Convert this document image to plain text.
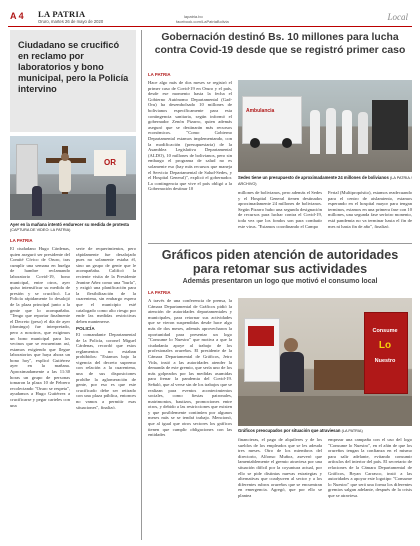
A 4 LA PATRIA
Oruro, martes 26 de mayo de 2020
lapatria.bo
facebook.com/LaPatriaBolivia	Local
Ciudadano se crucificó en reclamo por laboratorios y bono municipal, pero la Policía intervino
OR
Ayer en la mañana intentó endurecer su medida de protesta (CAPTURA DE VIDEO: LA PATRIA)
LA PATRIA
El ciudadano Hugo Cárdenas, quien aseguró ser presidente del Comité Cívico de Oruro, tras cumplir una semana en huelga de hambre reclamando laboratorio Covid-19, bono municipal, entre otros, ayer quiso intensificar su medida de presión y se crucificó. La Policía rápidamente lo desalojó de la plaza principal junto a la gente que lo acompañaba. "Tengo que reportar finalmente el Decreto (peso) el día de ayer (domingo) fue interpretado, pero a nosotros, que exigimos un bono municipal para los vecinos que se encuentran así, estamos exigiendo que llegue laboratorios que haya ahora un bono hoy", explicó Gutiérrez ayer en la mañana. Aproximadamente a las 11:30 horas un grupo de personas tomaron la plaza 10 de Febrero recolectando "Oruro se respeta", ayudamos a Hugo Gutiérrez a crucificarse y pegar carteles con una

serie de requerimientos, pero rápidamente fue desalojado pues no solamente estaba él, sino un grupo de gente que le acompañaba. Calificó la reciente visita de la Presidente Jeanine Añez como una "burla", y exigió una planificación para la flexibilización de la cuarentena, sin embargo espera que el municipio esté catalogado como alto riesgo por ende las medidas restrictivas deben mantenerse.

POLICÍA

El comandante Departamental de la Policía, coronel Miguel Cárdenas, recordó que estos reglamentos no estaban prohibidos: "Estamos bajo la vigencia del decreto supremo con relación a la cuarentena, una de sus disposiciones prohíbe la aglomeración de gente, por eso es que este crucificado debe ser retirado con una plaza pública, entonces no vamos a permitir esas situaciones", finalizó.

Gobernación destinó Bs. 10 millones para lucha contra Covid-19 desde que se registró primer caso
LA PATRIA
Hace algo más de dos meses se registró el primer caso de Covid-19 en Oruro y el país, desde ese momento hasta la fecha el Gobierno Autónomo Departamental (Gad-Oru) ha desembolsado 10 millones de bolivianos específicamente para esta contingencia sanitaria, según informó el gobernador Zenón Pizarro, quien además aseguró que se destinarán más recursos económicos. "Como Gobierno Departamental estamos implementando, con la modificación (presupuestaria) de la Asamblea Legislativa Departamental (ALDO), 10 millones de bolivianos, pero sin embargo el programa de salud no es solamente eso (hay más recursos que maneja el Servicio Departamental de Salud-Sedes, y el Hospital General)", explicó el gobernador. La contingencia que vive el país obligó a la Gobernación destinar 10
Ambulancia
Sedes tiene un presupuesto de aproximadamente 24 millones de bolivianos (LA PATRIA / ARCHIVO)
millones de bolivianos, pero además el Sedes y el Hospital General tienen destinados aproximadamente 24 millones de bolivianos. Según Pizarro hubo una segunda designación de recursos para luchar contra el Covid-19, toda vez que los fondos son para combatir este virus. "Estamos coordinando el Campo
Ferial (Multipropósito), estamos readecuando para el centro de aislamiento, estamos esperando en el hospital mayor para tengan terminos, estamos en una primera fase con 10 millones, una segunda fase seríotro monento, está pandemia no va terminar hasta el fin de mes ni hasta fin de año", finalizó.
Gráficos piden atención de autoridades para retomar sus actividades
Además presentaron un logo que motivó el consumo local
LA PATRIA
A través de una conferencia de prensa, la Cámara Departamental de Gráficos pidió la atención de autoridades departamentales y municipales, para retornar sus actividades que se vieron suspendidas desde hace algo más de dos meses, además aprovecharon la oportunidad para presentar un logo "Consume lo Nuestro" que motiva a que la ciudadanía apoye al trabajo de los profesionales orureños. El presidente de la Cámara Departamental de Gráficos, Jetro Vida, instó a las autoridades atender la demanda de este gremio, que sería uno de los más golpeados por las medidas asumidas para frenar la pandemia del Covid-19. Señaló, que al verse sin de los trabajos que se realizan para eventos acontecimientos sociales, como fiestas patronales, matrimonios, bautizos, promociones entre otros, y debido a las restricciones que existen y que posiblemente continúen por algunos meses más se se tendrá trabajo. Mencionó, que al igual que otros sectores los gráficos tienen que cumplir obligaciones con las entidades
Consume
Lo
Nuestro
Gráficos preocupados por situación que atraviesan (LA PATRIA)
financieras, el pago de alquileres y de los sueldos de los empleados que se les adeuda tres meses. Otro de los miembros del directorio, Alfonso Muñoz, aseveró que lamentablemente el gremio atraviesa por una situación difícil por la coyuntura actual, por ello se pide distintas nuevas estrategias y alternativas que coadyuven al sector y a los diferentes rubros orureños que se encuentran en emergencia. Agregó, que por ello se plantea
empezar una campaña con el uso del logo "Consume lo Nuestro", en el afán de que los orureños tengan la confianza en el mismo para salir adelante, evitando consumir artículos del interior del país. El secretario de relaciones de la Cámara Departamental de Gráficos, Bryan Carrasco, instó a las autoridades a apoyar este logotipo "Consume lo Nuestro" que será una forma los diferentes gremios salgan adelante, después de la crisis que se atraviesa.
